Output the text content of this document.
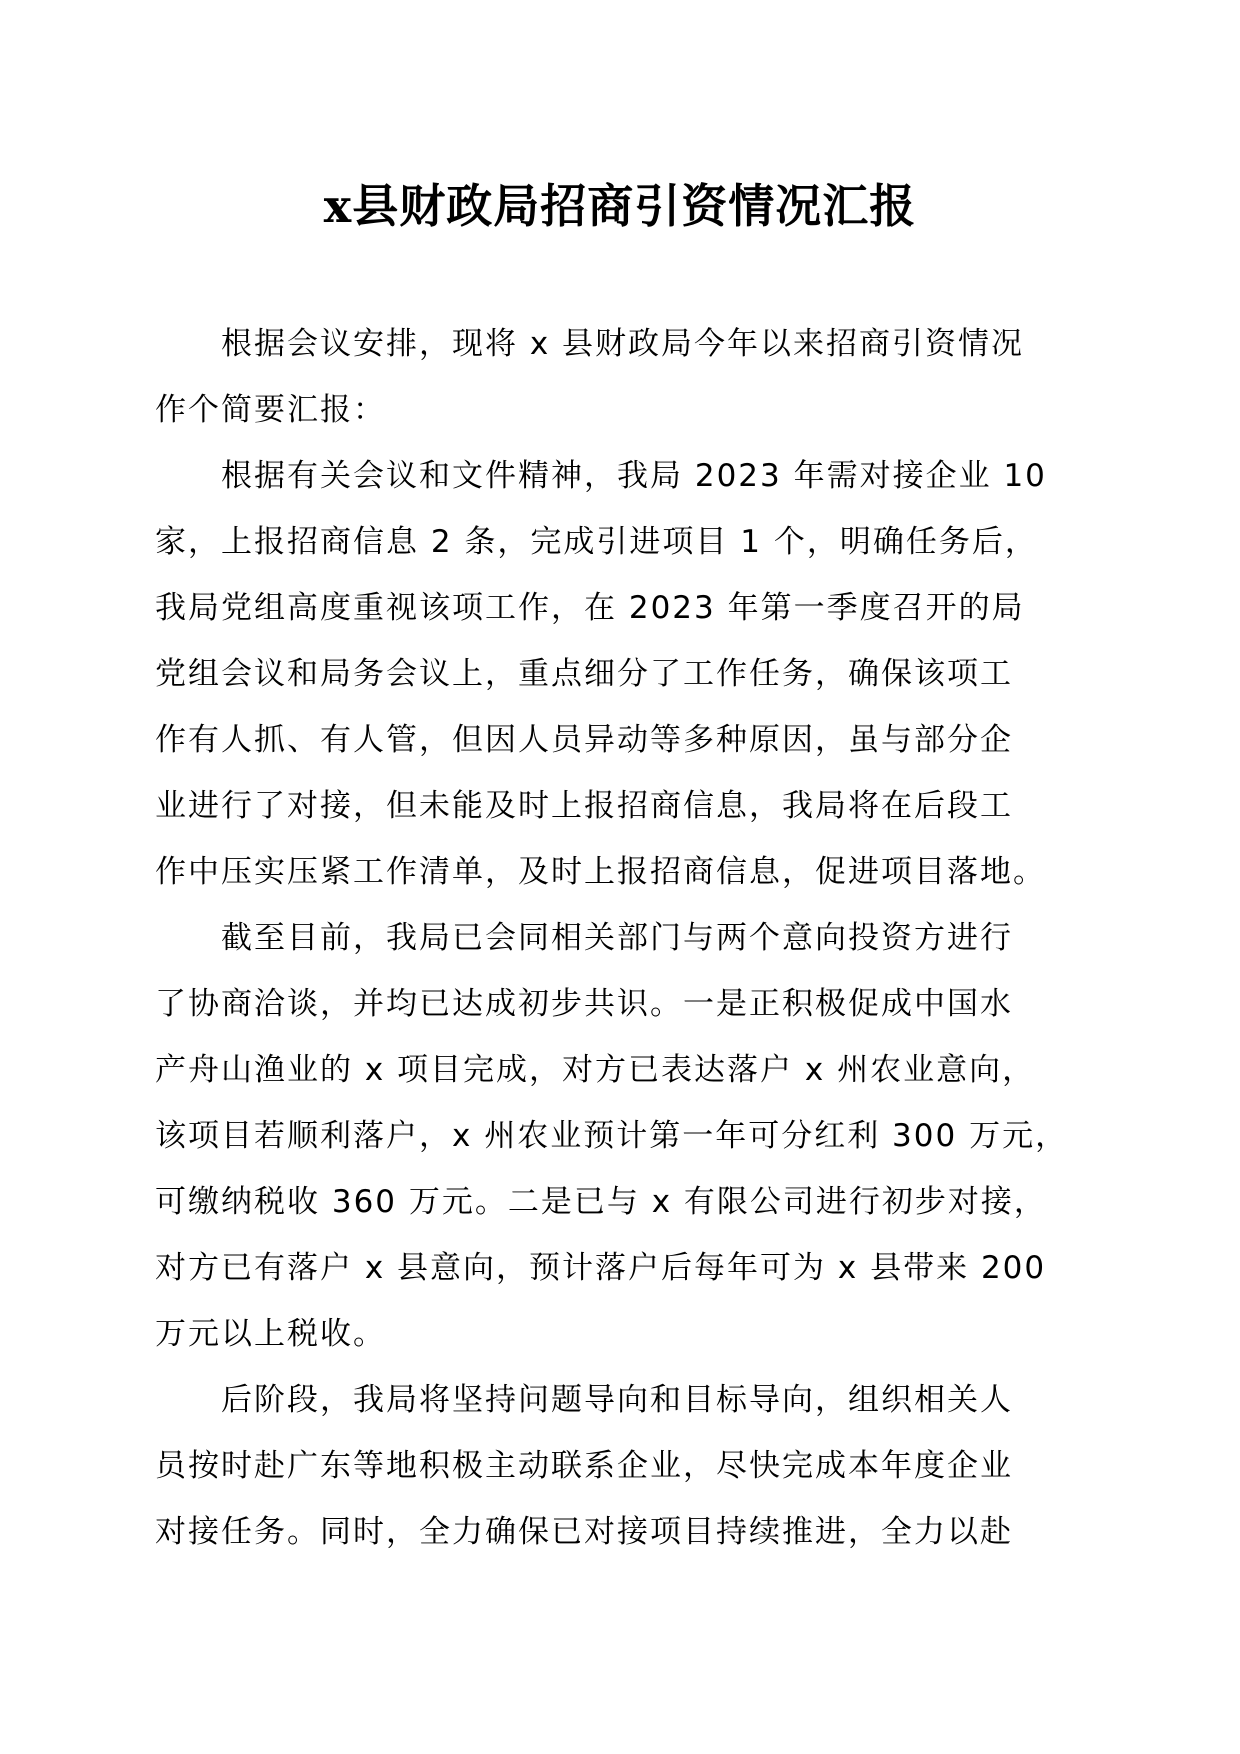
x县财政局招商引资情况汇报
根据会议安排，现将 x 县财政局今年以来招商引资情况
作个简要汇报：
根据有关会议和文件精神，我局 2023 年需对接企业 10
家，上报招商信息 2 条，完成引进项目 1 个，明确任务后，
我局党组高度重视该项工作，在 2023 年第一季度召开的局
党组会议和局务会议上，重点细分了工作任务，确保该项工
作有人抓、有人管，但因人员异动等多种原因，虽与部分企
业进行了对接，但未能及时上报招商信息，我局将在后段工
作中压实压紧工作清单，及时上报招商信息，促进项目落地。
截至目前，我局已会同相关部门与两个意向投资方进行
了协商洽谈，并均已达成初步共识。一是正积极促成中国水
产舟山渔业的 x 项目完成，对方已表达落户 x 州农业意向，
该项目若顺利落户，x 州农业预计第一年可分红利 300 万元，
可缴纳税收 360 万元。二是已与 x 有限公司进行初步对接，
对方已有落户 x 县意向，预计落户后每年可为 x 县带来 200
万元以上税收。
后阶段，我局将坚持问题导向和目标导向，组织相关人
员按时赴广东等地积极主动联系企业，尽快完成本年度企业
对接任务。同时，全力确保已对接项目持续推进，全力以赴
